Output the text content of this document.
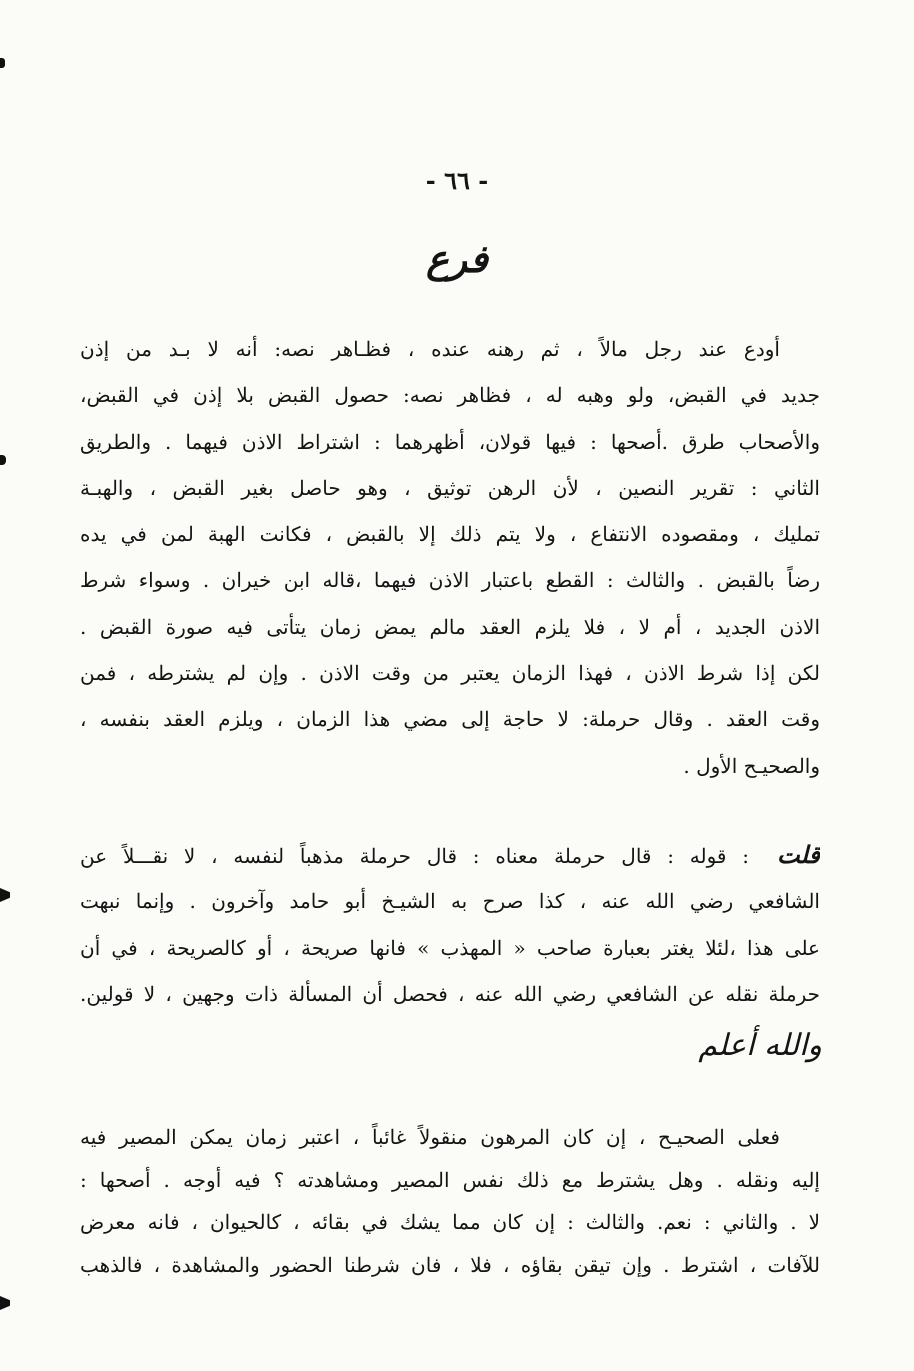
- ٦٦ -
فرع
أودع عند رجل مالاً ، ثم رهنه عنده ، فظـاهر نصه: أنه لا بـد من إذن
جديد في القبض، ولو وهبه له ، فظاهر نصه: حصول القبض بلا إذن في القبض،
والأصحاب طرق .أصحها : فيها قولان، أظهرهما : اشتراط الاذن فيهما . والطريق
الثاني : تقرير النصين ، لأن الرهن توثيق ، وهو حاصل بغير القبض ، والهبـة
تمليك ، ومقصوده الانتفاع ، ولا يتم ذلك إلا بالقبض ، فكانت الهبة لمن في يده
رضاً بالقبض . والثالث : القطع باعتبار الاذن فيهما ،قاله ابن خيران . وسواء شرط
الاذن الجديد ، أم لا ، فلا يلزم العقد مالم يمض زمان يتأتى فيه صورة القبض .
لكن إذا شرط الاذن ، فهذا الزمان يعتبر من وقت الاذن . وإن لم يشترطه ، فمن
وقت العقد . وقال حرملة: لا حاجة إلى مضي هذا الزمان ، ويلزم العقد بنفسه ،
والصحيـح الأول .
قلت: قوله : قال حرملة معناه : قال حرملة مذهباً لنفسه ، لا نقـــلاً عن
الشافعي رضي الله عنه ، كذا صرح به الشيـخ أبو حامد وآخرون . وإنما نبهت
على هذا ،لئلا يغتر بعبارة صاحب « المهذب » فانها صريحة ، أو كالصريحة ، في أن
حرملة نقله عن الشافعي رضي الله عنه ، فحصل أن المسألة ذات وجهين ، لا قولين.
والله أعلم
فعلى الصحيـح ، إن كان المرهون منقولاً غائباً ، اعتبر زمان يمكن المصير فيه
إليه ونقله . وهل يشترط مع ذلك نفس المصير ومشاهدته ؟ فيه أوجه . أصحها :
لا . والثاني : نعم. والثالث : إن كان مما يشك في بقائه ، كالحيوان ، فانه معرض
للآفات ، اشترط . وإن تيقن بقاؤه ، فلا ، فان شرطنا الحضور والمشاهدة ، فالذهب
